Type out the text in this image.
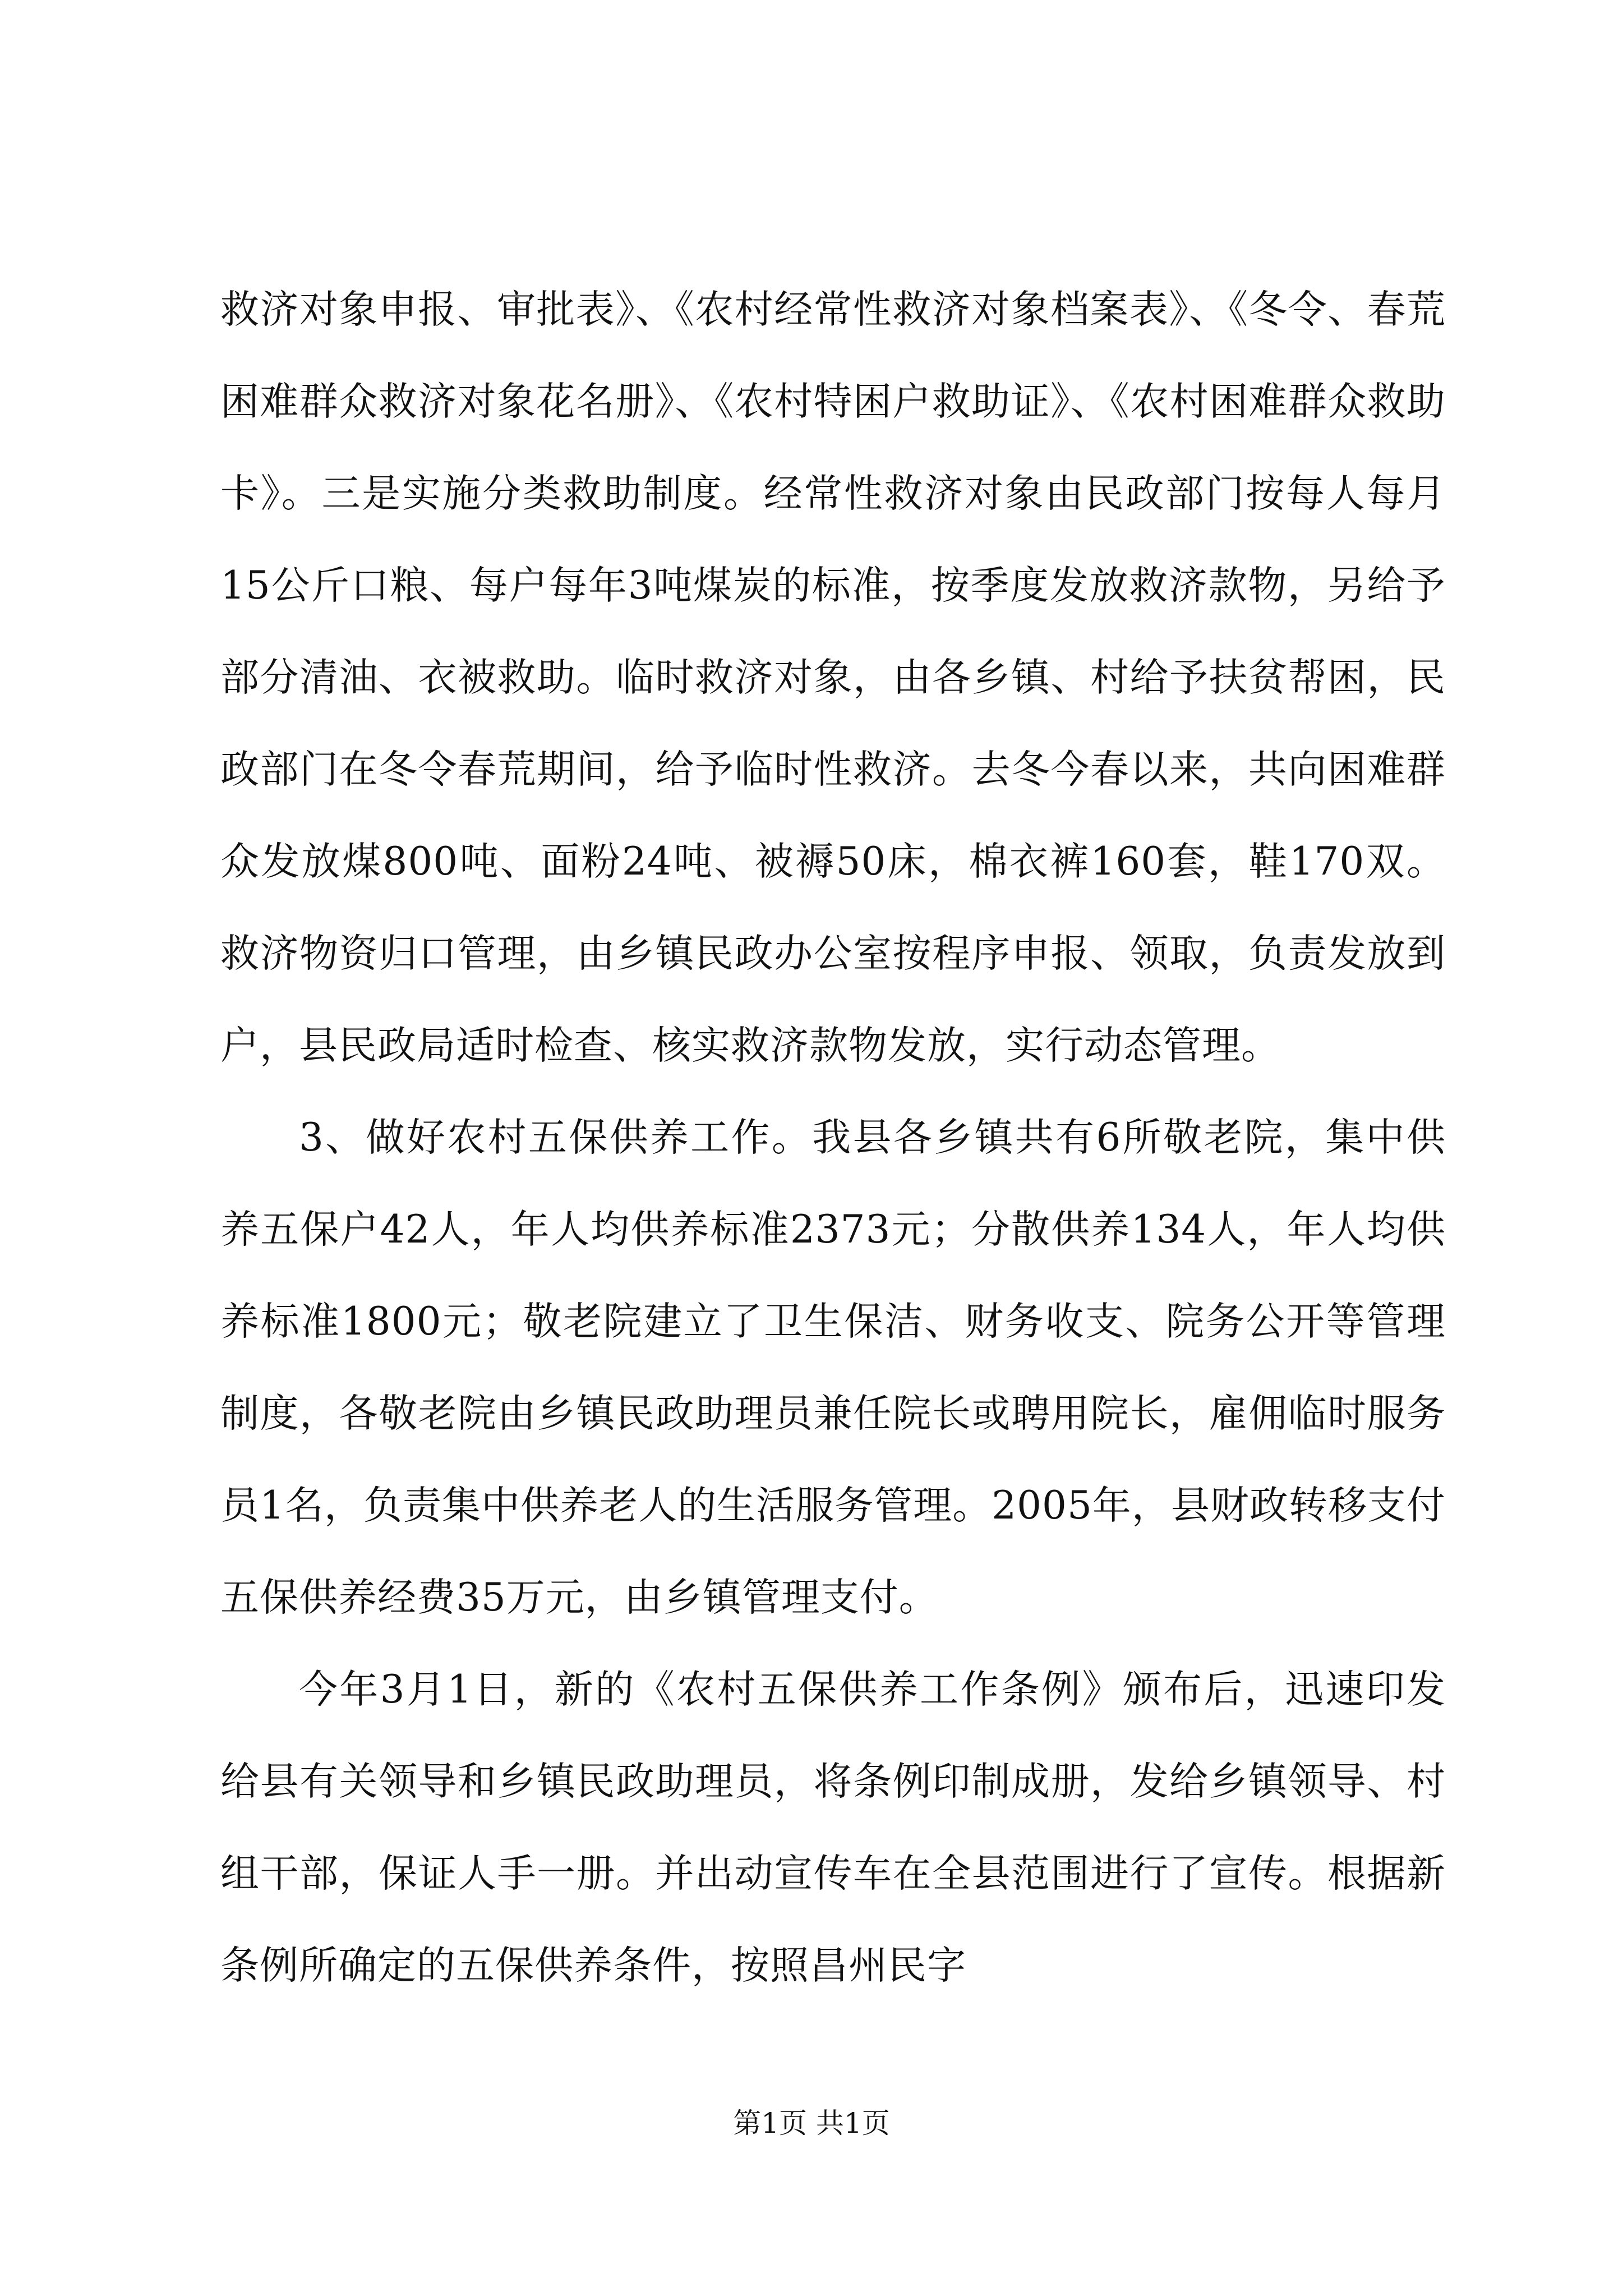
救济对象申报、审批表》、《农村经常性救济对象档案表》、《冬令、春荒困难群众救济对象花名册》、《农村特困户救助证》、《农村困难群众救助卡》。三是实施分类救助制度。经常性救济对象由民政部门按每人每月15公斤口粮、每户每年3吨煤炭的标准，按季度发放救济款物，另给予部分清油、衣被救助。临时救济对象，由各乡镇、村给予扶贫帮困，民政部门在冬令春荒期间，给予临时性救济。去冬今春以来，共向困难群众发放煤800吨、面粉24吨、被褥50床，棉衣裤160套，鞋170双。救济物资归口管理，由乡镇民政办公室按程序申报、领取，负责发放到户，县民政局适时检查、核实救济款物发放，实行动态管理。

3、做好农村五保供养工作。我县各乡镇共有6所敬老院，集中供养五保户42人，年人均供养标准2373元；分散供养134人，年人均供养标准1800元；敬老院建立了卫生保洁、财务收支、院务公开等管理制度，各敬老院由乡镇民政助理员兼任院长或聘用院长，雇佣临时服务员1名，负责集中供养老人的生活服务管理。2005年，县财政转移支付五保供养经费35万元，由乡镇管理支付。

今年3月1日，新的《农村五保供养工作条例》颁布后，迅速印发给县有关领导和乡镇民政助理员，将条例印制成册，发给乡镇领导、村组干部，保证人手一册。并出动宣传车在全县范围进行了宣传。根据新条例所确定的五保供养条件，按照昌州民字

第1页 共1页
